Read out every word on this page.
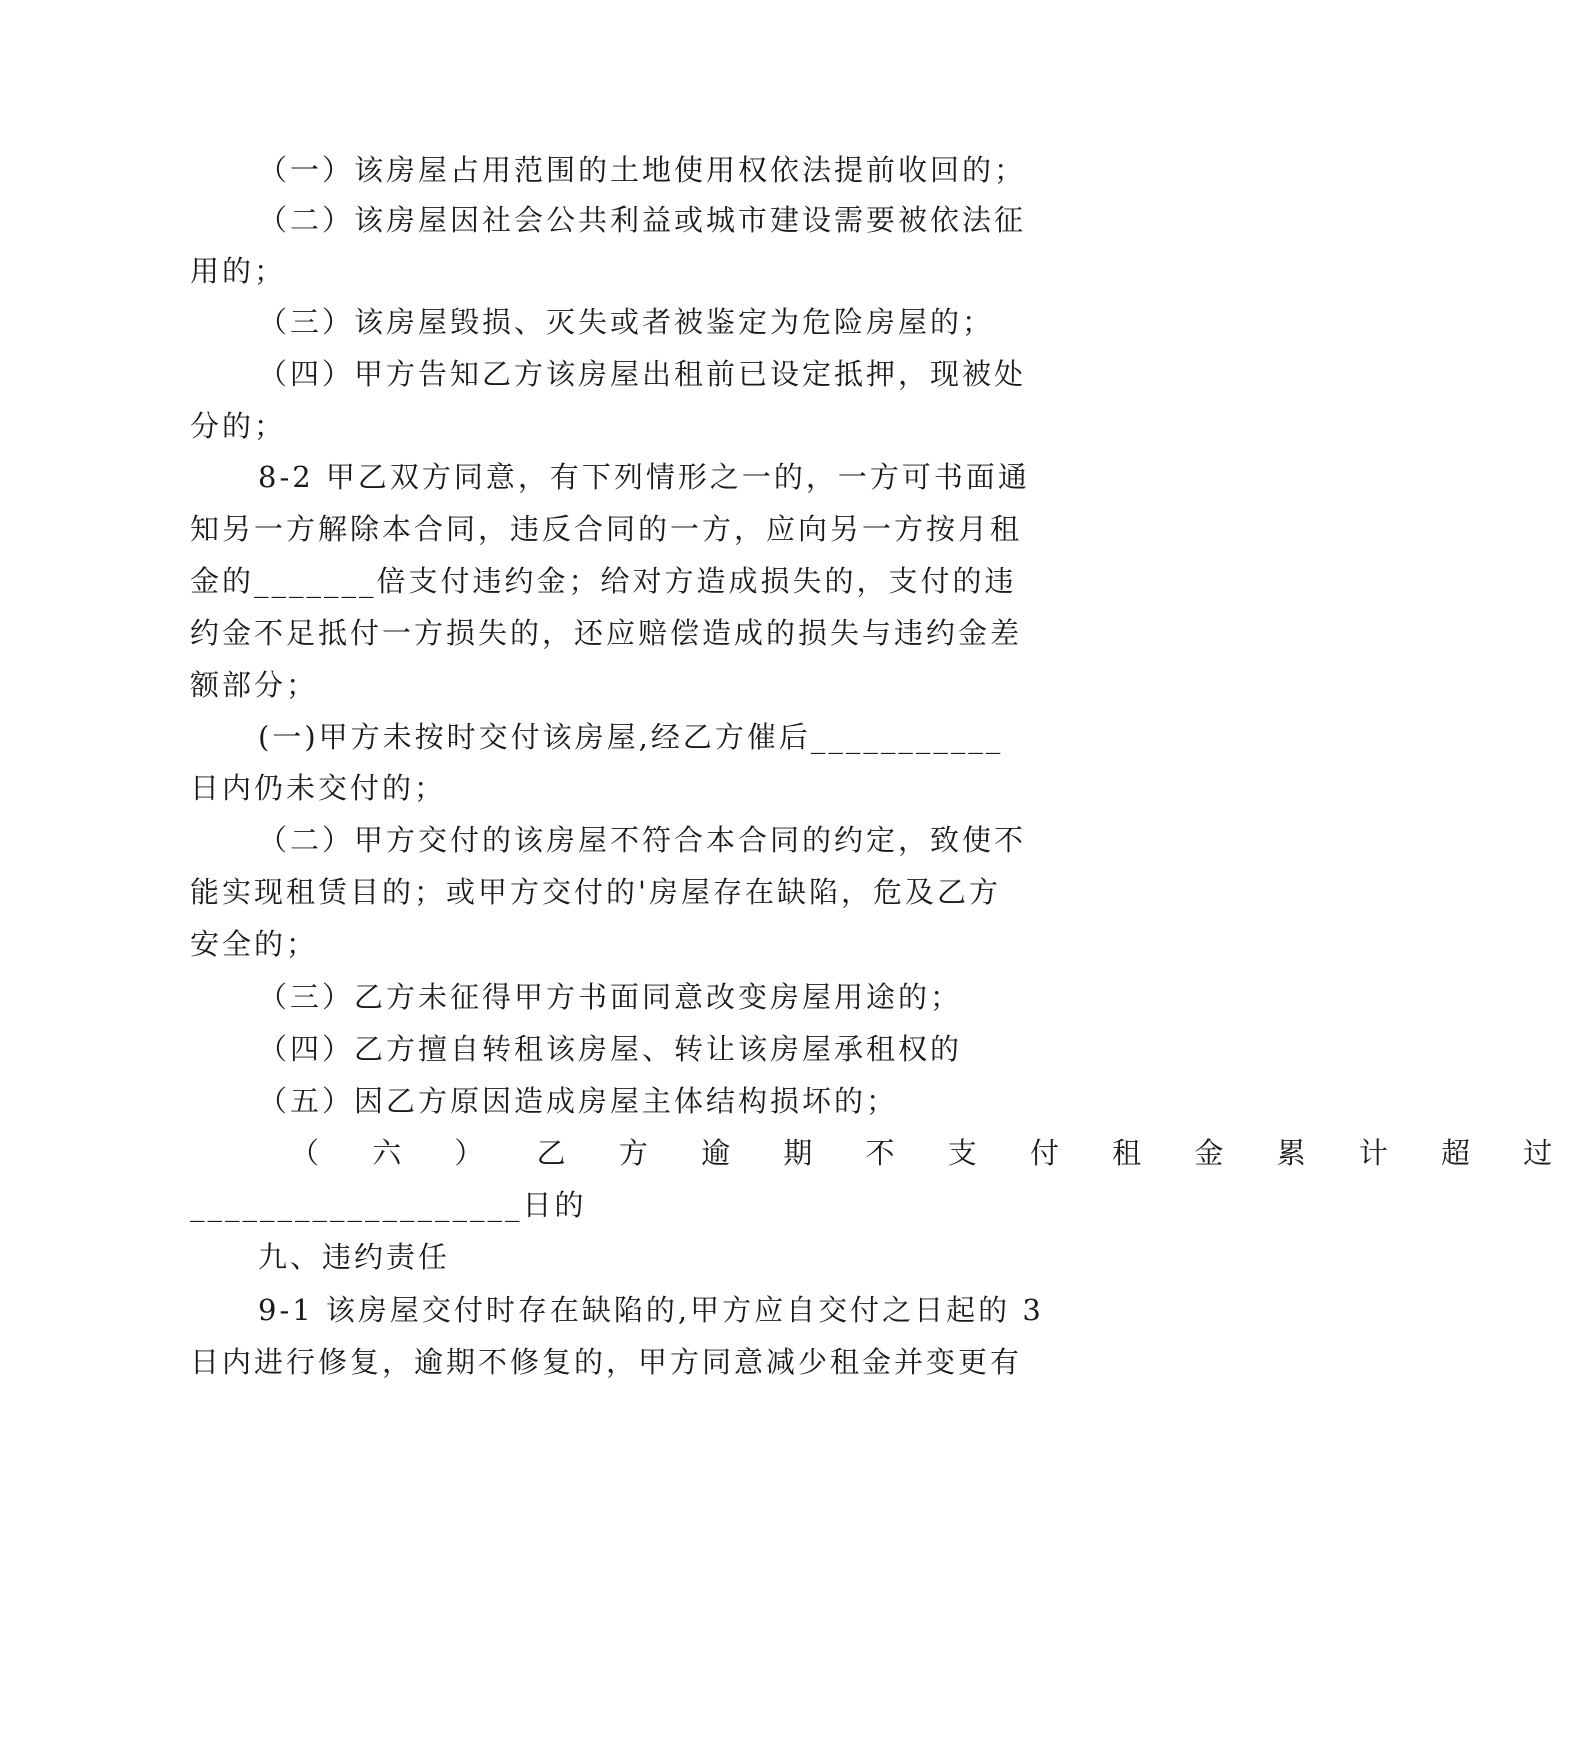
（一）该房屋占用范围的土地使用权依法提前收回的；
（二）该房屋因社会公共利益或城市建设需要被依法征
用的；
（三）该房屋毁损、灭失或者被鉴定为危险房屋的；
（四）甲方告知乙方该房屋出租前已设定抵押，现被处
分的；
8-2 甲乙双方同意，有下列情形之一的，一方可书面通
知另一方解除本合同，违反合同的一方，应向另一方按月租
金的_______倍支付违约金；给对方造成损失的，支付的违
约金不足抵付一方损失的，还应赔偿造成的损失与违约金差
额部分；
(一)甲方未按时交付该房屋,经乙方催后___________
日内仍未交付的；
（二）甲方交付的该房屋不符合本合同的约定，致使不
能实现租赁目的；或甲方交付的'房屋存在缺陷，危及乙方
安全的；
（三）乙方未征得甲方书面同意改变房屋用途的；
（四）乙方擅自转租该房屋、转让该房屋承租权的
（五）因乙方原因造成房屋主体结构损坏的；
（ 六 ） 乙 方 逾 期 不 支 付 租 金 累 计 超 过
___________________日的
九、违约责任
9-1 该房屋交付时存在缺陷的,甲方应自交付之日起的 3
日内进行修复，逾期不修复的，甲方同意减少租金并变更有
